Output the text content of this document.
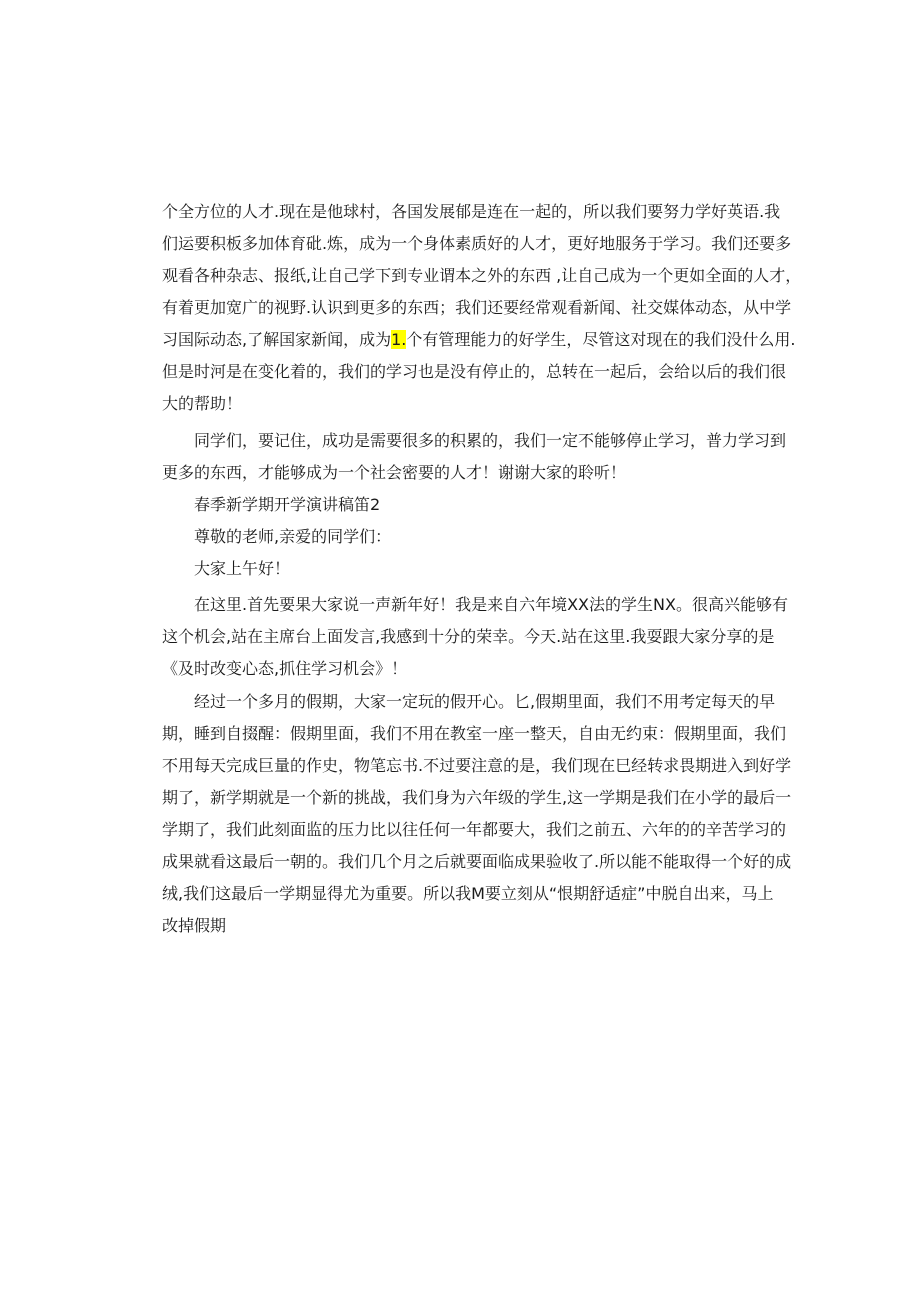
个全方位的人才.现在是他球村，各国发展郁是连在一起的，所以我们要努力学好英语.我
们运要积板多加体育砒.炼，成为一个身体素质好的人才，更好地服务于学习。我们还要多
观看各种杂志、报纸,让自己学下到专业谓本之外的东西 ,让自己成为一个更如全面的人才，
有着更加宽广的视野.认识到更多的东西；我们还要经常观看新闻、社交媒体动态，从中学
习国际动态,了解国家新闻，成为1.个有管理能力的好学生，尽管这对现在的我们没什么用.
但是时河是在变化着的，我们的学习也是没有停止的，总转在一起后，会给以后的我们很
大的帮助！
同学们，要记住，成功是需要很多的积累的，我们一定不能够停止学习，普力学习到
更多的东西，才能够成为一个社会密要的人才！谢谢大家的聆听！
春季新学期开学演讲稿笛2
尊敬的老师,亲爱的同学们：
大家上午好！
在这里.首先要果大家说一声新年好！我是来自六年境XX法的学生NX。很高兴能够有
这个机会,站在主席台上面发言,我感到十分的荣幸。今天.站在这里.我耍跟大家分享的是
《及时改变心态,抓住学习机会》！
经过一个多月的假期，大家一定玩的假开心。匕,假期里面，我们不用考定每天的早
期，睡到自掇醒：假期里面，我们不用在教室一座一整天，自由无约束：假期里面，我们
不用每天完成巨量的作史，物笔忘书.不过要注意的是，我们现在巳经转求畏期进入到好学
期了，新学期就是一个新的挑战，我们身为六年级的学生,这一学期是我们在小学的最后一
学期了，我们此刻面监的压力比以往任何一年都要大，我们之前五、六年的的辛苦学习的
成果就看这最后一朝的。我们几个月之后就要面临成果验收了.所以能不能取得一个好的成
绒,我们这最后一学期显得尤为重要。所以我M要立刻从“恨期舒适症”中脱自出来，马上
改掉假期
